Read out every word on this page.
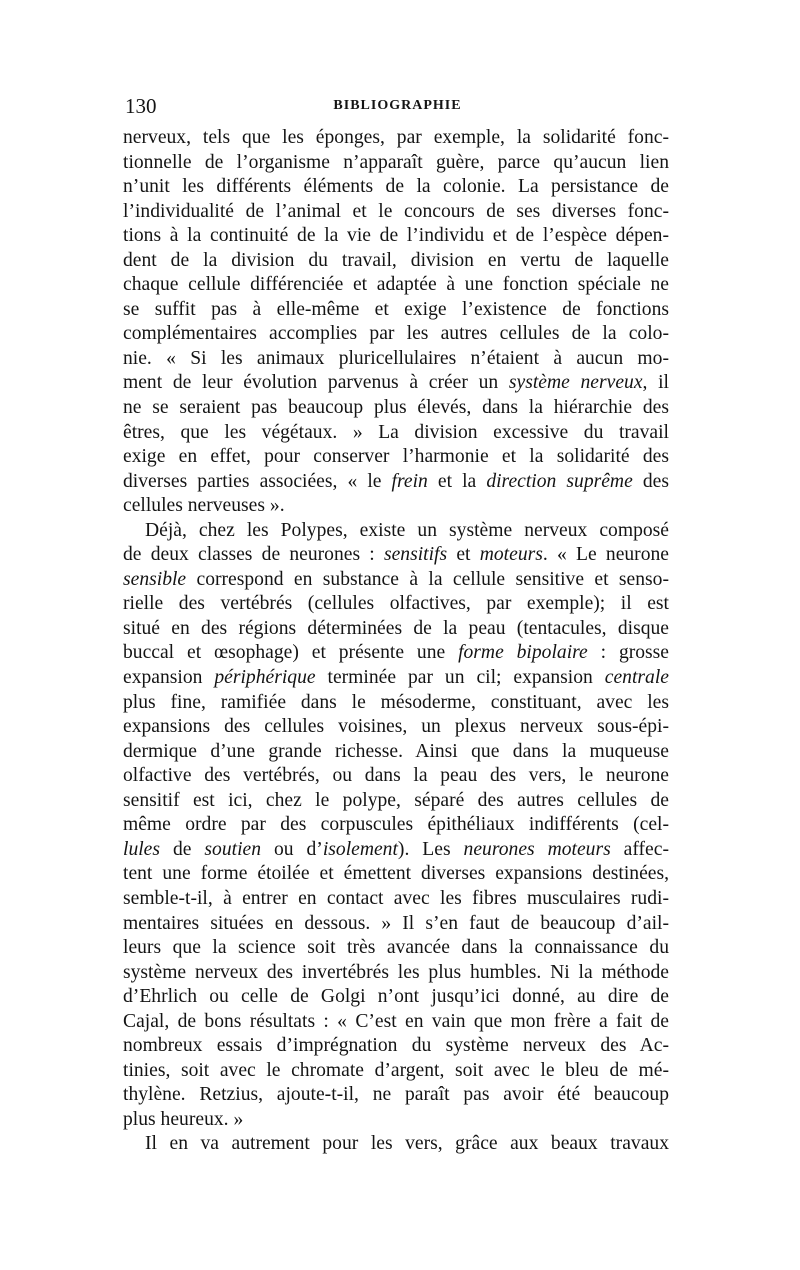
130	BIBLIOGRAPHIE
nerveux, tels que les éponges, par exemple, la solidarité fonc-
tionnelle de l’organisme n’apparaît guère, parce qu’aucun lien
n’unit les différents éléments de la colonie. La persistance de
l’individualité de l’animal et le concours de ses diverses fonc-
tions à la continuité de la vie de l’individu et de l’espèce dépen-
dent de la division du travail, division en vertu de laquelle
chaque cellule différenciée et adaptée à une fonction spéciale ne
se suffit pas à elle-même et exige l’existence de fonctions
complémentaires accomplies par les autres cellules de la colo-
nie. « Si les animaux pluricellulaires n’étaient à aucun mo-
ment de leur évolution parvenus à créer un système nerveux, il
ne se seraient pas beaucoup plus élevés, dans la hiérarchie des
êtres, que les végétaux. » La division excessive du travail
exige en effet, pour conserver l’harmonie et la solidarité des
diverses parties associées, « le frein et la direction suprême des
cellules nerveuses ».
Déjà, chez les Polypes, existe un système nerveux composé
de deux classes de neurones : sensitifs et moteurs. « Le neurone
sensible correspond en substance à la cellule sensitive et senso-
rielle des vertébrés (cellules olfactives, par exemple); il est
situé en des régions déterminées de la peau (tentacules, disque
buccal et œsophage) et présente une forme bipolaire : grosse
expansion périphérique terminée par un cil; expansion centrale
plus fine, ramifiée dans le mésoderme, constituant, avec les
expansions des cellules voisines, un plexus nerveux sous-épi-
dermique d’une grande richesse. Ainsi que dans la muqueuse
olfactive des vertébrés, ou dans la peau des vers, le neurone
sensitif est ici, chez le polype, séparé des autres cellules de
même ordre par des corpuscules épithéliaux indifférents (cel-
lules de soutien ou d’isolement). Les neurones moteurs affec-
tent une forme étoilée et émettent diverses expansions destinées,
semble-t-il, à entrer en contact avec les fibres musculaires rudi-
mentaires situées en dessous. » Il s’en faut de beaucoup d’ail-
leurs que la science soit très avancée dans la connaissance du
système nerveux des invertébrés les plus humbles. Ni la méthode
d’Ehrlich ou celle de Golgi n’ont jusqu’ici donné, au dire de
Cajal, de bons résultats : « C’est en vain que mon frère a fait de
nombreux essais d’imprégnation du système nerveux des Ac-
tinies, soit avec le chromate d’argent, soit avec le bleu de mé-
thylène. Retzius, ajoute-t-il, ne paraît pas avoir été beaucoup
plus heureux. »
Il en va autrement pour les vers, grâce aux beaux travaux
